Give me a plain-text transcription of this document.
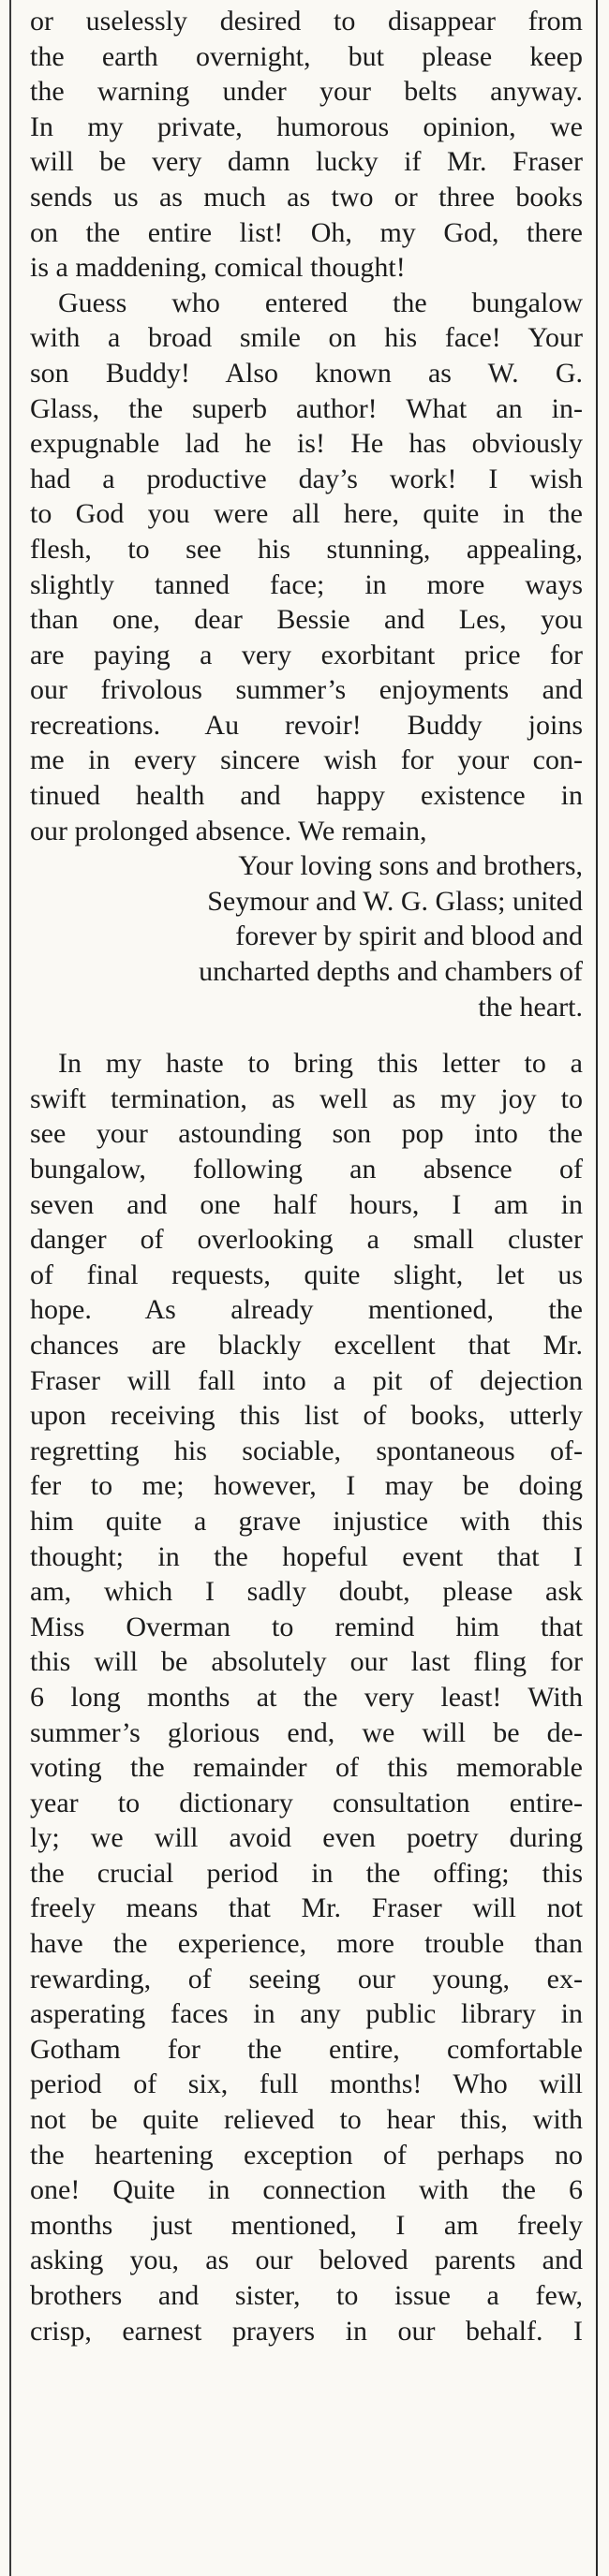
or uselessly desired to disappear from
the earth overnight, but please keep
the warning under your belts anyway.
In my private, humorous opinion, we
will be very damn lucky if Mr. Fraser
sends us as much as two or three books
on the entire list! Oh, my God, there
is a maddening, comical thought!
Guess who entered the bungalow
with a broad smile on his face! Your
son Buddy! Also known as W. G.
Glass, the superb author! What an in-
expugnable lad he is! He has obviously
had a productive day’s work! I wish
to God you were all here, quite in the
flesh, to see his stunning, appealing,
slightly tanned face; in more ways
than one, dear Bessie and Les, you
are paying a very exorbitant price for
our frivolous summer’s enjoyments and
recreations. Au revoir! Buddy joins
me in every sincere wish for your con-
tinued health and happy existence in
our prolonged absence. We remain,
Your loving sons and brothers,
Seymour and W. G. Glass; united
forever by spirit and blood and
uncharted depths and chambers of
the heart.
In my haste to bring this letter to a
swift termination, as well as my joy to
see your astounding son pop into the
bungalow, following an absence of
seven and one half hours, I am in
danger of overlooking a small cluster
of final requests, quite slight, let us
hope. As already mentioned, the
chances are blackly excellent that Mr.
Fraser will fall into a pit of dejection
upon receiving this list of books, utterly
regretting his sociable, spontaneous of-
fer to me; however, I may be doing
him quite a grave injustice with this
thought; in the hopeful event that I
am, which I sadly doubt, please ask
Miss Overman to remind him that
this will be absolutely our last fling for
6 long months at the very least! With
summer’s glorious end, we will be de-
voting the remainder of this memorable
year to dictionary consultation entire-
ly; we will avoid even poetry during
the crucial period in the offing; this
freely means that Mr. Fraser will not
have the experience, more trouble than
rewarding, of seeing our young, ex-
asperating faces in any public library in
Gotham for the entire, comfortable
period of six, full months! Who will
not be quite relieved to hear this, with
the heartening exception of perhaps no
one! Quite in connection with the 6
months just mentioned, I am freely
asking you, as our beloved parents and
brothers and sister, to issue a few,
crisp, earnest prayers in our behalf. I
